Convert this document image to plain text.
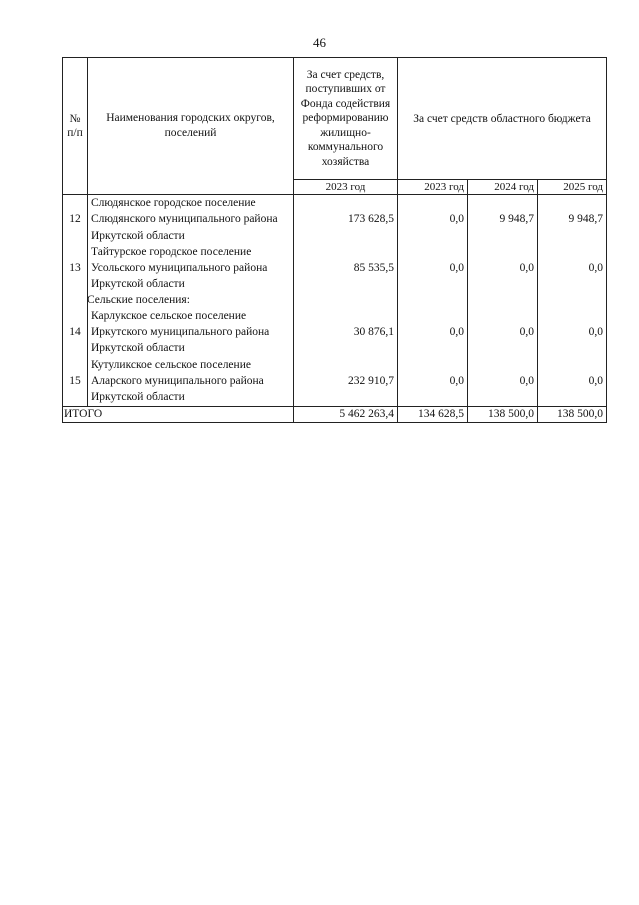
46
№ п/п	Наименования городских округов, поселений	За счет средств, поступивших от Фонда содействия реформированию жилищно-коммунального хозяйства	За счет средств областного бюджета
2023 год	2023 год	2024 год	2025 год
12	Слюдянское городское поселение Слюдянского муниципального района Иркутской области	173 628,5	0,0	9 948,7	9 948,7
13	Тайтурское городское поселение Усольского муниципального района Иркутской области	85 535,5	0,0	0,0	0,0
	Сельские поселения:				
14	Карлукское сельское поселение Иркутского муниципального района Иркутской области	30 876,1	0,0	0,0	0,0
15	Кутуликское сельское поселение Аларского муниципального района Иркутской области	232 910,7	0,0	0,0	0,0
ИТОГО	5 462 263,4	134 628,5	138 500,0	138 500,0
